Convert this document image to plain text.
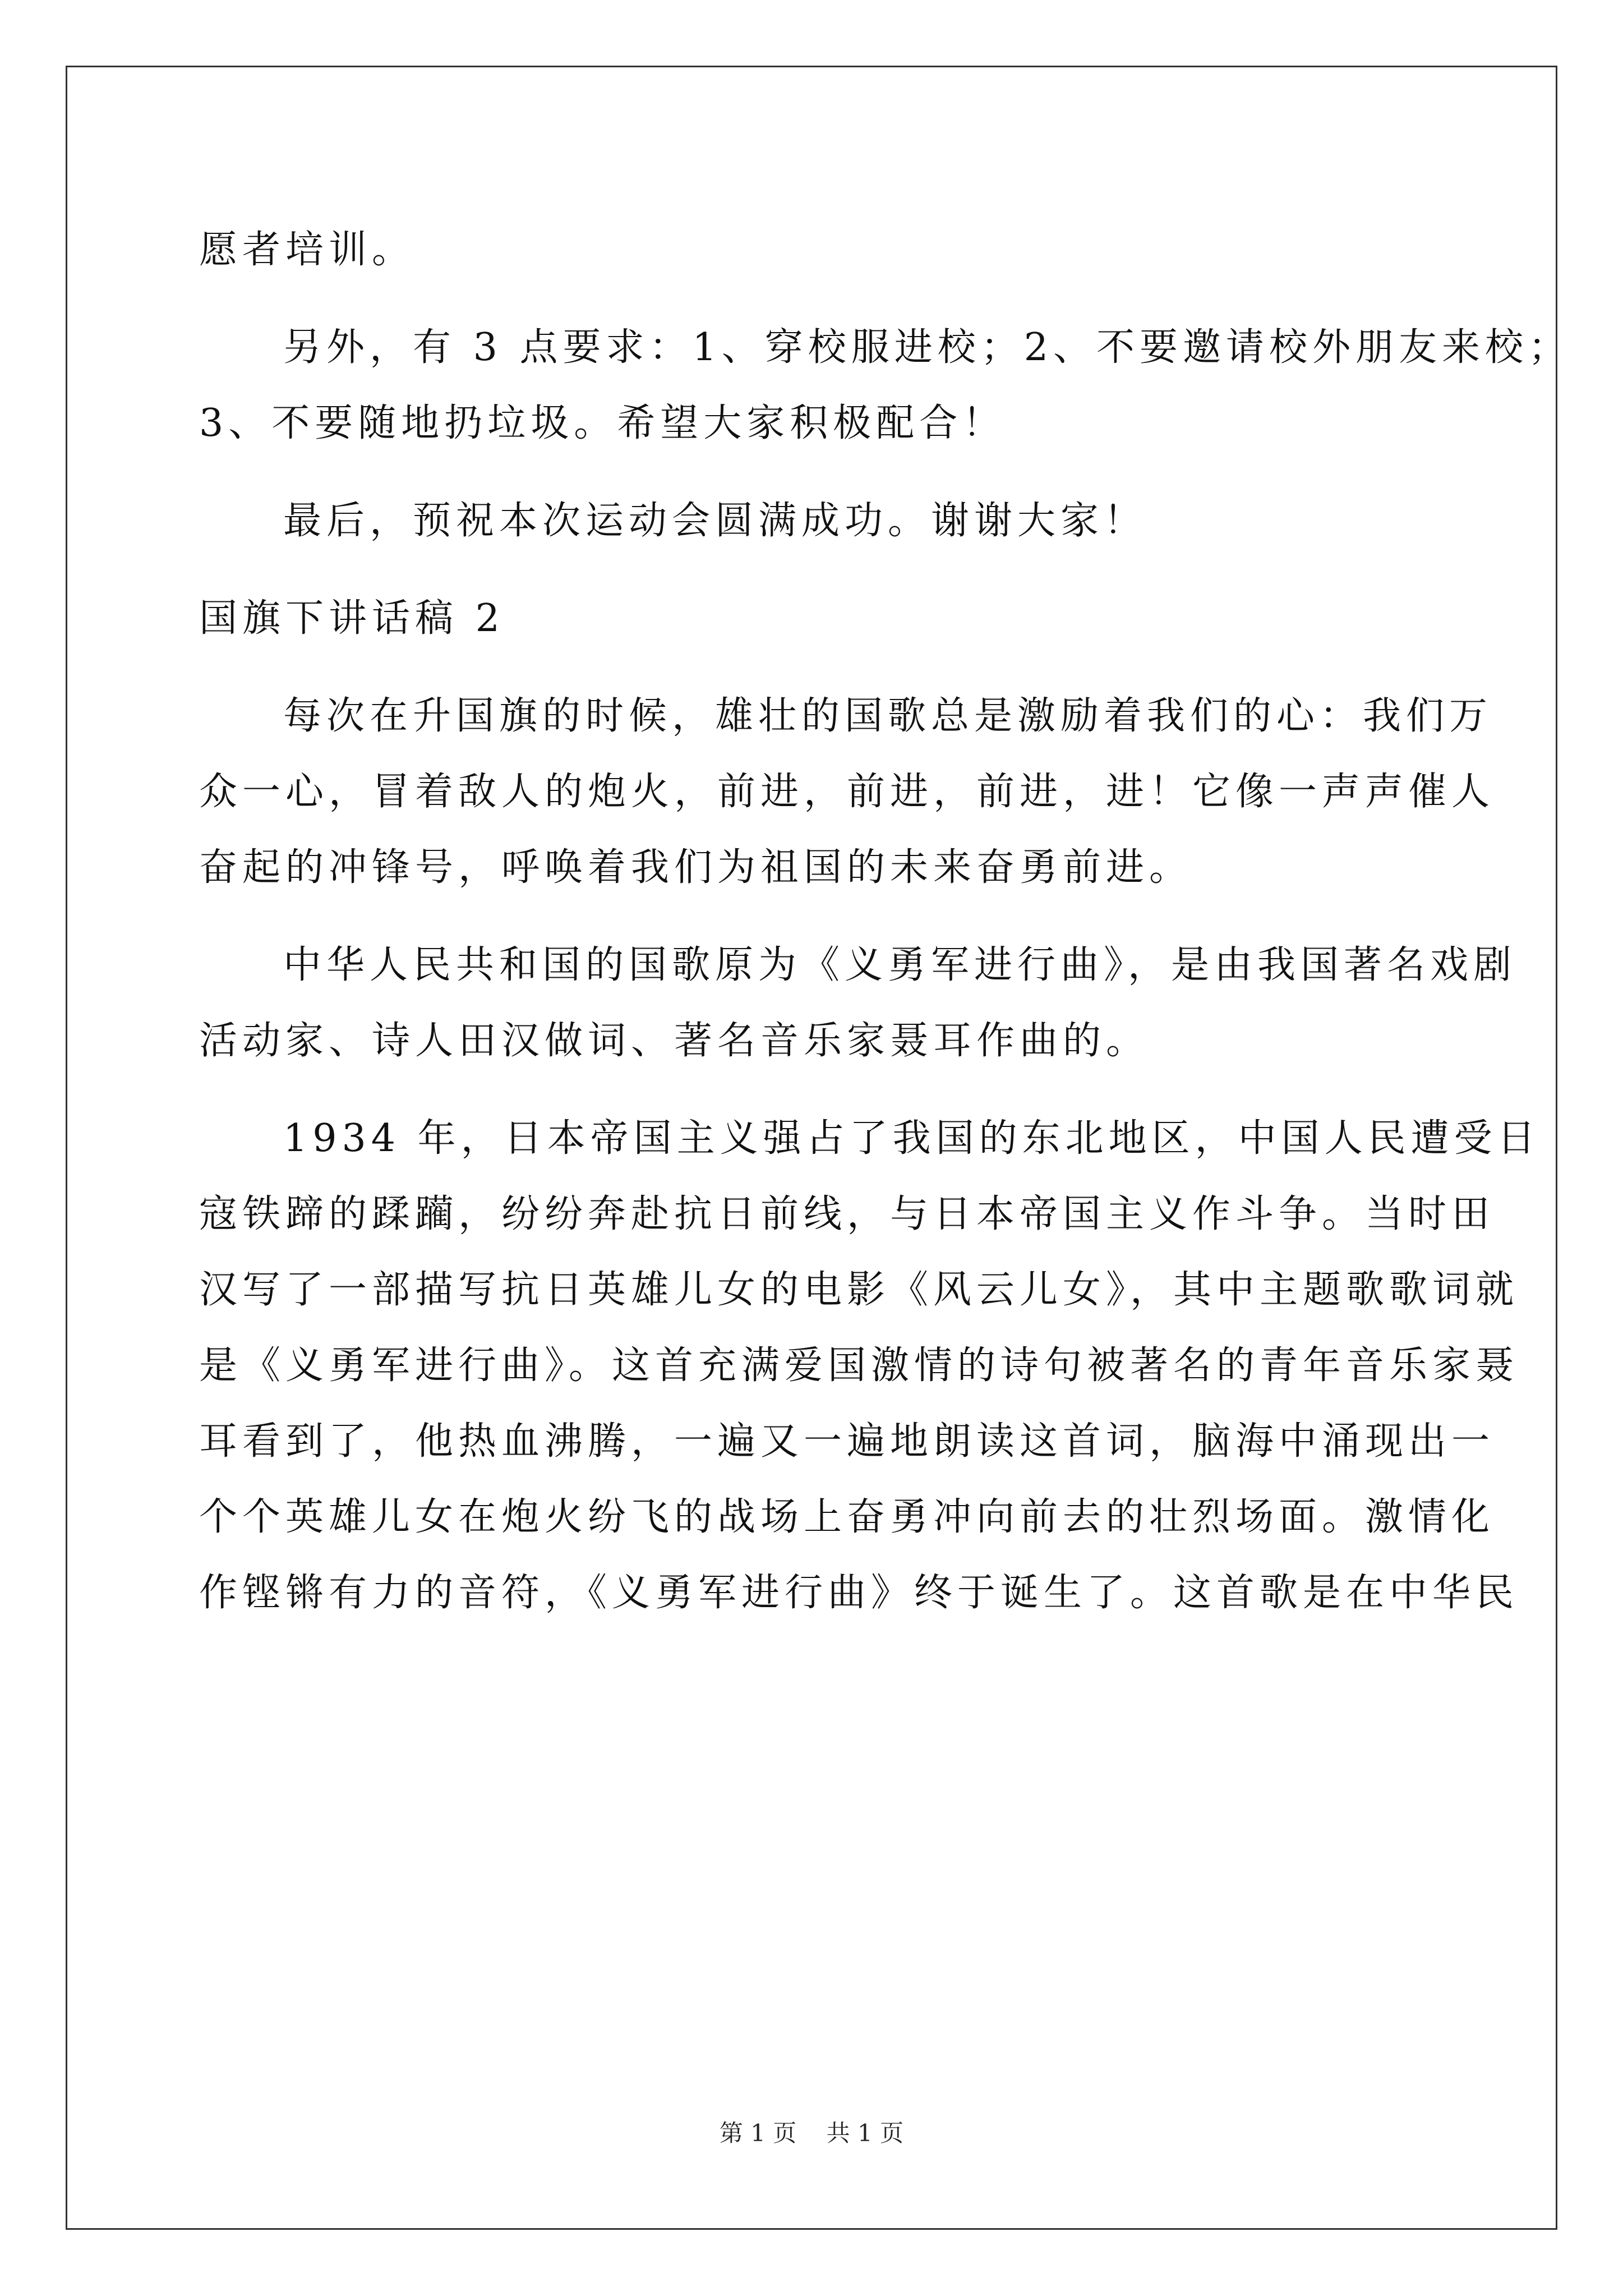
愿者培训。

另外，有 3 点要求：1、穿校服进校；2、不要邀请校外朋友来校；

3、不要随地扔垃圾。希望大家积极配合！

最后，预祝本次运动会圆满成功。谢谢大家！

国旗下讲话稿 2

每次在升国旗的时候，雄壮的国歌总是激励着我们的心：我们万

众一心，冒着敌人的炮火，前进，前进，前进，进！它像一声声催人

奋起的冲锋号，呼唤着我们为祖国的未来奋勇前进。

中华人民共和国的国歌原为《义勇军进行曲》，是由我国著名戏剧

活动家、诗人田汉做词、著名音乐家聂耳作曲的。

1934 年，日本帝国主义强占了我国的东北地区，中国人民遭受日

寇铁蹄的蹂躏，纷纷奔赴抗日前线，与日本帝国主义作斗争。当时田

汉写了一部描写抗日英雄儿女的电影《风云儿女》，其中主题歌歌词就

是《义勇军进行曲》。这首充满爱国激情的诗句被著名的青年音乐家聂

耳看到了，他热血沸腾，一遍又一遍地朗读这首词，脑海中涌现出一

个个英雄儿女在炮火纷飞的战场上奋勇冲向前去的壮烈场面。激情化

作铿锵有力的音符，《义勇军进行曲》终于诞生了。这首歌是在中华民

第 1 页 共 1 页
